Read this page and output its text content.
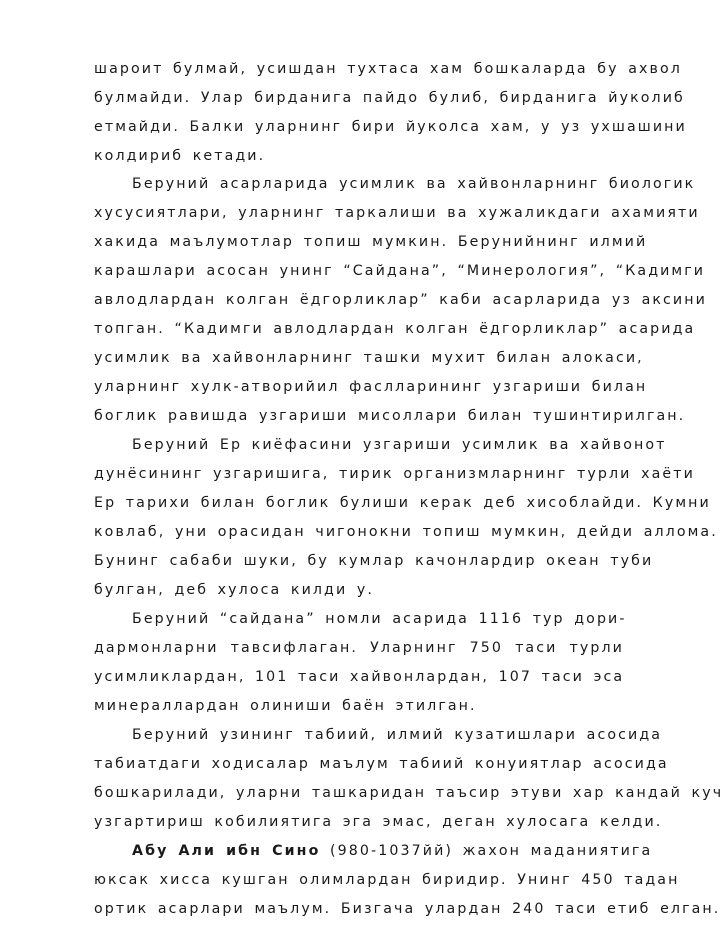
шароит булмай, усишдан тухтаса хам бошкаларда бу ахвол
булмайди. Улар бирданига пайдо булиб, бирданига йуколиб
етмайди. Балки уларнинг бири йуколса хам, у уз ухшашини
колдириб кетади.
Беруний асарларида усимлик ва хайвонларнинг биологик
хусусиятлари, уларнинг таркалиши ва хужаликдаги ахамияти
хакида маълумотлар топиш мумкин. Берунийнинг илмий
карашлари асосан унинг “Сайдана”, “Минерология”, “Кадимги
авлодлардан колган ёдгорликлар” каби асарларида уз аксини
топган. “Кадимги авлодлардан колган ёдгорликлар” асарида
усимлик ва хайвонларнинг ташки мухит билан алокаси,
уларнинг хулк-атворийил фаслларининг узгариши билан
боглик равишда узгариши мисоллари билан тушинтирилган.
Беруний Ер киёфасини узгариши усимлик ва хайвонот
дунёсининг узгаришига, тирик организмларнинг турли хаёти
Ер тарихи билан боглик булиши керак деб хисоблайди. Кумни
ковлаб, уни орасидан чигонокни топиш мумкин, дейди аллома.
Бунинг сабаби шуки, бу кумлар качонлардир океан туби
булган, деб хулоса килди у.
Беруний “сайдана” номли асарида 1116 тур дори-
дармонларни тавсифлаган. Уларнинг 750 таси турли
усимликлардан, 101 таси хайвонлардан, 107 таси эса
минераллардан олиниши баён этилган.
Беруний узининг табиий, илмий кузатишлари асосида
табиатдаги ходисалар маълум табиий конуиятлар асосида
бошкарилади, уларни ташкаридан таъсир этуви хар кандай куч
узгартириш кобилиятига эга эмас, деган хулосага келди.
Абу Али ибн Сино (980-1037йй) жахон маданиятига
юксак хисса кушган олимлардан биридир. Унинг 450 тадан
ортик асарлари маълум. Бизгача улардан 240 таси етиб елган.
